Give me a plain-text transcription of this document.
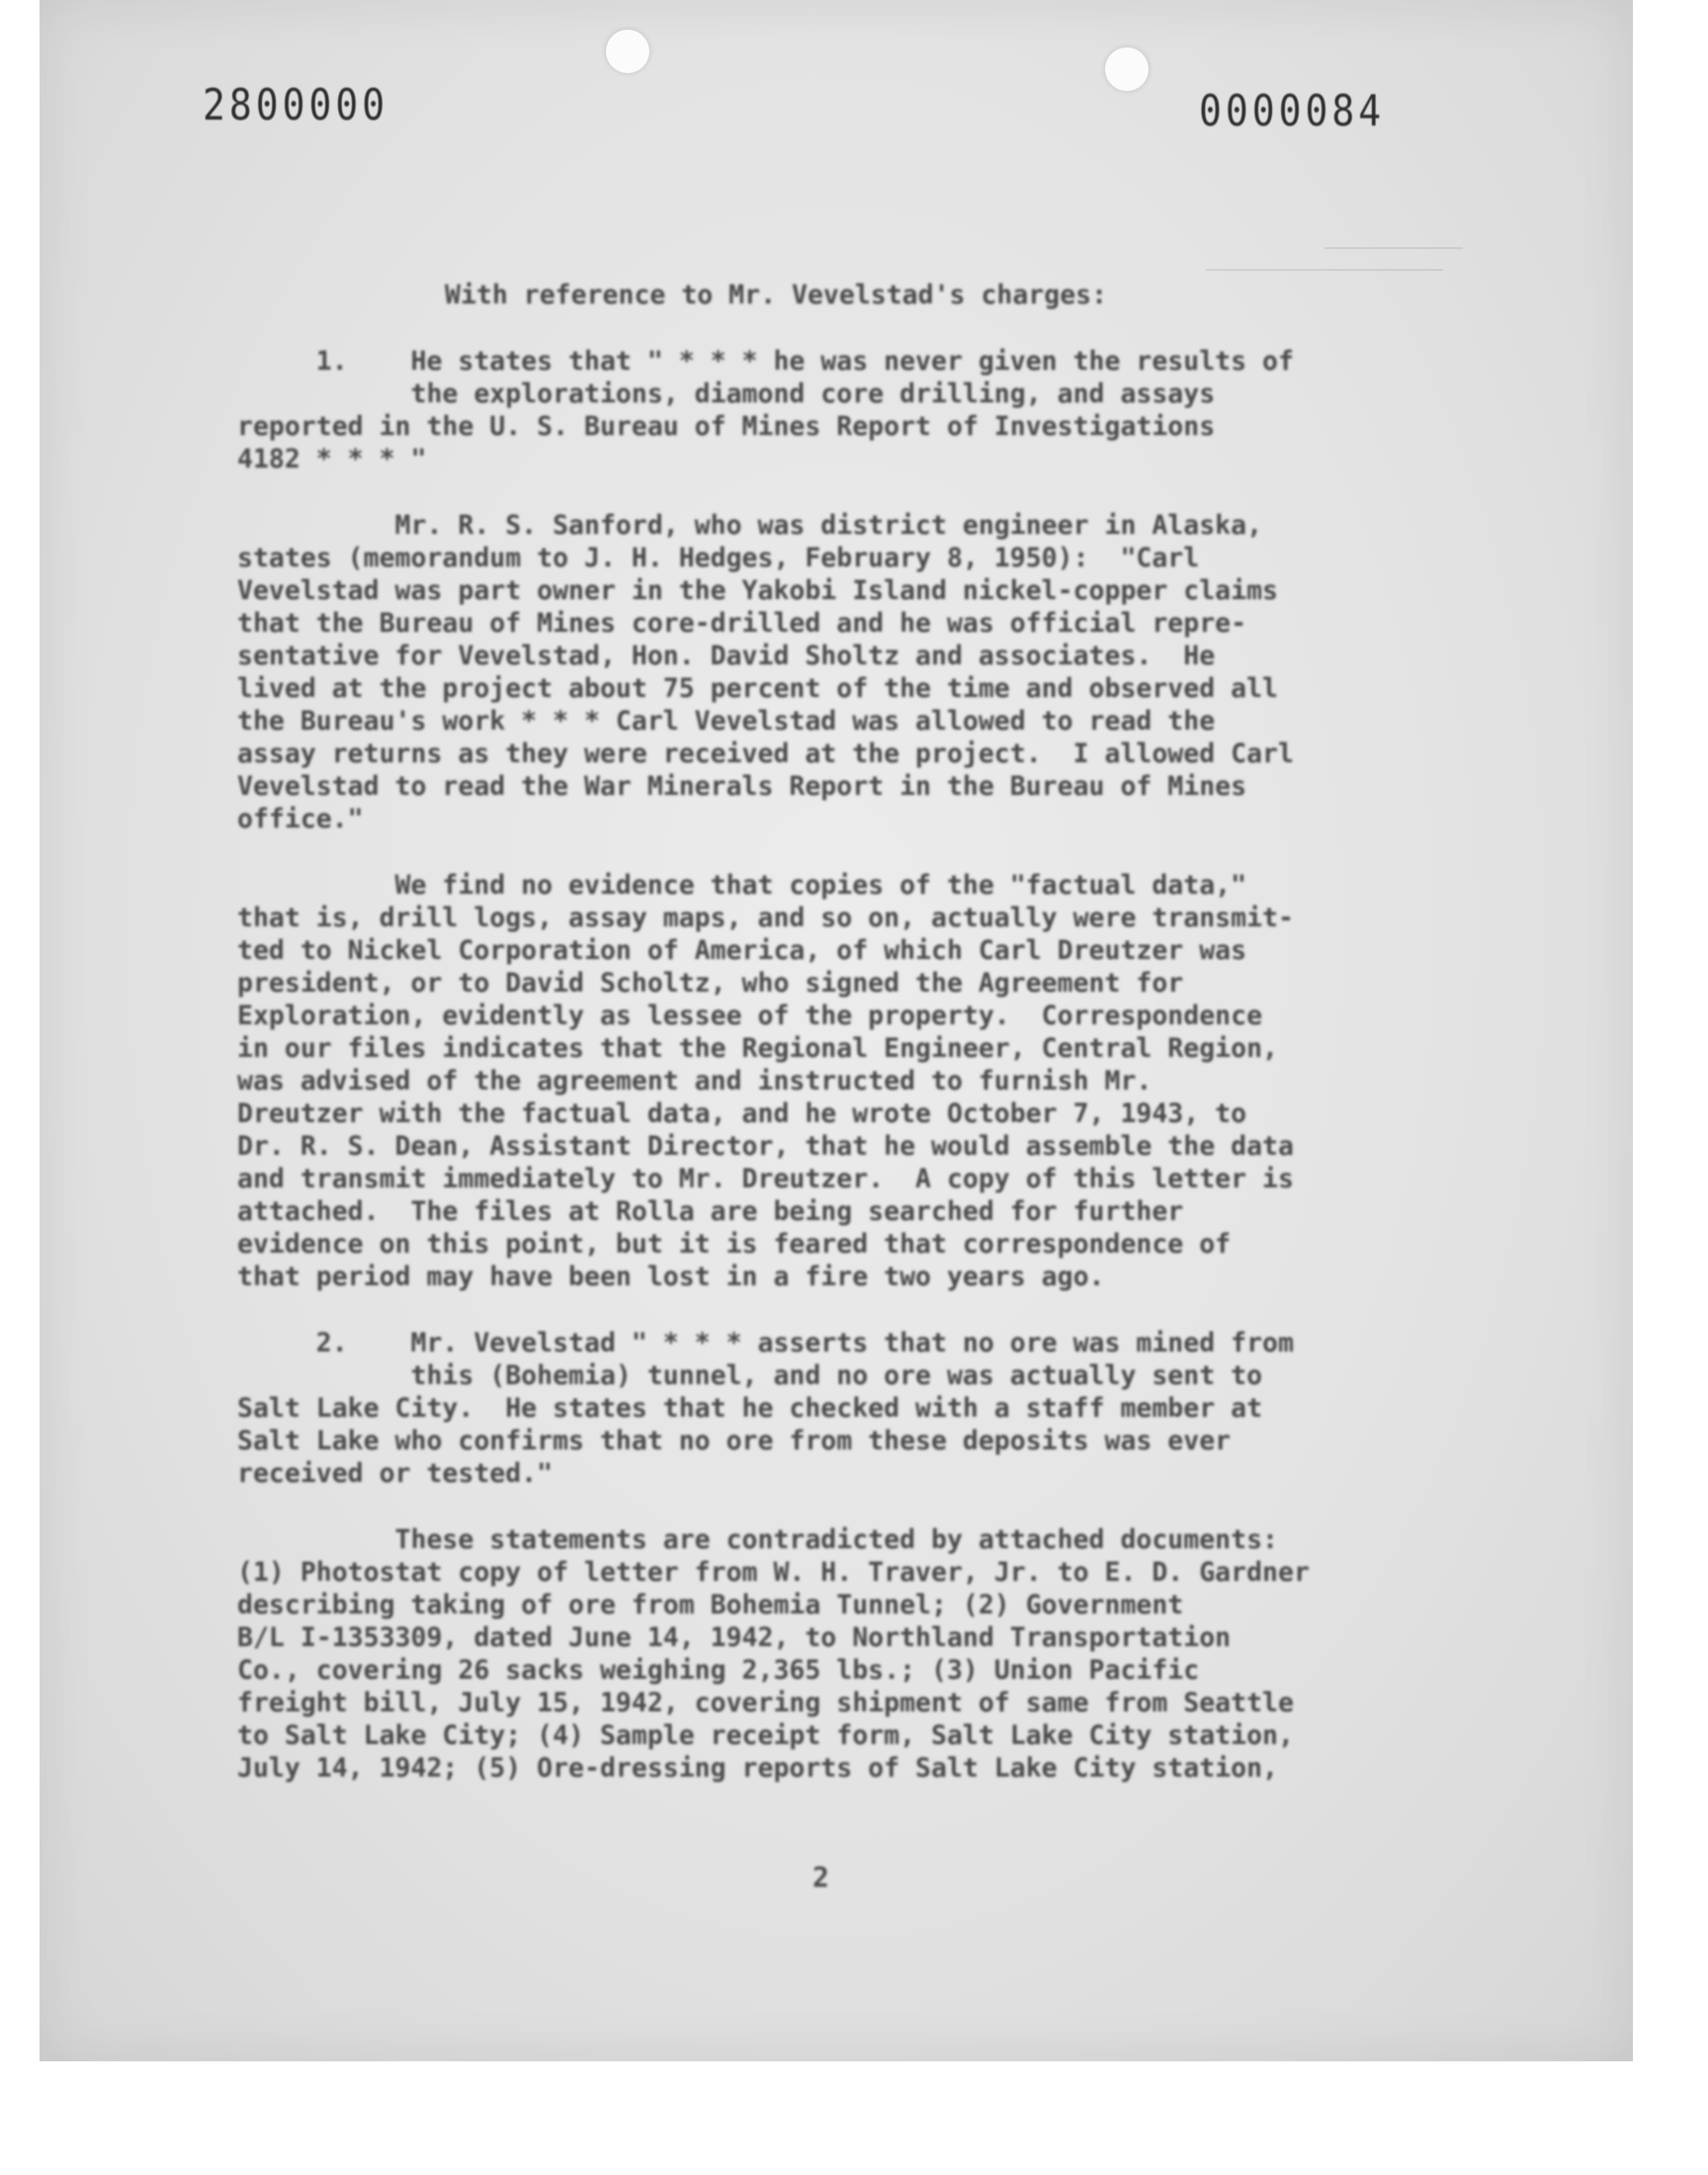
2800000	0000084
With reference to Mr. Vevelstad's charges:
1.    He states that " * * * he was never given the results of
the explorations, diamond core drilling, and assays
reported in the U. S. Bureau of Mines Report of Investigations
4182 * * * "
Mr. R. S. Sanford, who was district engineer in Alaska,
states (memorandum to J. H. Hedges, February 8, 1950):  "Carl
Vevelstad was part owner in the Yakobi Island nickel-copper claims
that the Bureau of Mines core-drilled and he was official repre-
sentative for Vevelstad, Hon. David Sholtz and associates.  He
lived at the project about 75 percent of the time and observed all
the Bureau's work * * * Carl Vevelstad was allowed to read the
assay returns as they were received at the project.  I allowed Carl
Vevelstad to read the War Minerals Report in the Bureau of Mines
office."
We find no evidence that copies of the "factual data,"
that is, drill logs, assay maps, and so on, actually were transmit-
ted to Nickel Corporation of America, of which Carl Dreutzer was
president, or to David Scholtz, who signed the Agreement for
Exploration, evidently as lessee of the property.  Correspondence
in our files indicates that the Regional Engineer, Central Region,
was advised of the agreement and instructed to furnish Mr.
Dreutzer with the factual data, and he wrote October 7, 1943, to
Dr. R. S. Dean, Assistant Director, that he would assemble the data
and transmit immediately to Mr. Dreutzer.  A copy of this letter is
attached.  The files at Rolla are being searched for further
evidence on this point, but it is feared that correspondence of
that period may have been lost in a fire two years ago.
2.    Mr. Vevelstad " * * * asserts that no ore was mined from
this (Bohemia) tunnel, and no ore was actually sent to
Salt Lake City.  He states that he checked with a staff member at
Salt Lake who confirms that no ore from these deposits was ever
received or tested."
These statements are contradicted by attached documents:
(1) Photostat copy of letter from W. H. Traver, Jr. to E. D. Gardner
describing taking of ore from Bohemia Tunnel; (2) Government
B/L I-1353309, dated June 14, 1942, to Northland Transportation
Co., covering 26 sacks weighing 2,365 lbs.; (3) Union Pacific
freight bill, July 15, 1942, covering shipment of same from Seattle
to Salt Lake City; (4) Sample receipt form, Salt Lake City station,
July 14, 1942; (5) Ore-dressing reports of Salt Lake City station,
2
